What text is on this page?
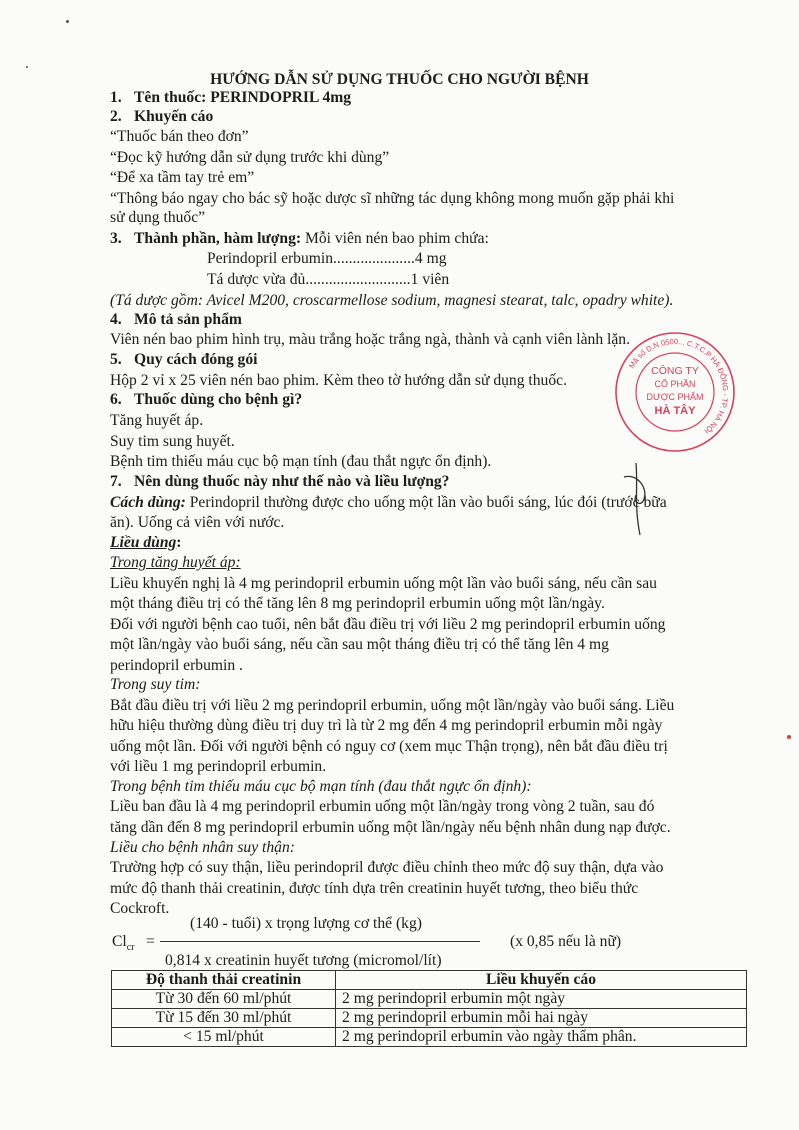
HƯỚNG DẪN SỬ DỤNG THUỐC CHO NGƯỜI BỆNH
1. Tên thuốc: PERINDOPRIL 4mg
2. Khuyến cáo
“Thuốc bán theo đơn”
“Đọc kỹ hướng dẫn sử dụng trước khi dùng”
“Để xa tầm tay trẻ em”
“Thông báo ngay cho bác sỹ hoặc dược sĩ những tác dụng không mong muốn gặp phải khi
sử dụng thuốc”
3. Thành phần, hàm lượng: Mỗi viên nén bao phim chứa:
Perindopril erbumin.....................4 mg
Tá dược vừa đủ...........................1 viên
(Tá dược gồm: Avicel M200, croscarmellose sodium, magnesi stearat, talc, opadry white).
4. Mô tả sản phẩm
Viên nén bao phim hình trụ, màu trắng hoặc trắng ngà, thành và cạnh viên lành lặn.
5. Quy cách đóng gói
Hộp 2 vỉ x 25 viên nén bao phim. Kèm theo tờ hướng dẫn sử dụng thuốc.
6. Thuốc dùng cho bệnh gì?
Tăng huyết áp.
Suy tim sung huyết.
Bệnh tim thiếu máu cục bộ mạn tính (đau thắt ngực ổn định).
7. Nên dùng thuốc này như thế nào và liều lượng?
Cách dùng: Perindopril thường được cho uống một lần vào buổi sáng, lúc đói (trước bữa
ăn). Uống cả viên với nước.
Liều dùng:
Trong tăng huyết áp:
Liều khuyến nghị là 4 mg perindopril erbumin uống một lần vào buổi sáng, nếu cần sau
một tháng điều trị có thể tăng lên 8 mg perindopril erbumin uống một lần/ngày.
Đối với người bệnh cao tuổi, nên bắt đầu điều trị với liều 2 mg perindopril erbumin uống
một lần/ngày vào buổi sáng, nếu cần sau một tháng điều trị có thể tăng lên 4 mg
perindopril erbumin .
Trong suy tim:
Bắt đầu điều trị với liều 2 mg perindopril erbumin, uống một lần/ngày vào buổi sáng. Liều
hữu hiệu thường dùng điều trị duy trì là từ 2 mg đến 4 mg perindopril erbumin mỗi ngày
uống một lần. Đối với người bệnh có nguy cơ (xem mục Thận trọng), nên bắt đầu điều trị
với liều 1 mg perindopril erbumin.
Trong bệnh tim thiếu máu cục bộ mạn tính (đau thắt ngực ổn định):
Liều ban đầu là 4 mg perindopril erbumin uống một lần/ngày trong vòng 2 tuần, sau đó
tăng dần đến 8 mg perindopril erbumin uống một lần/ngày nếu bệnh nhân dung nạp được.
Liều cho bệnh nhân suy thận:
Trường hợp có suy thận, liều perindopril được điều chỉnh theo mức độ suy thận, dựa vào
mức độ thanh thải creatinin, được tính dựa trên creatinin huyết tương, theo biểu thức
Cockroft.
(140 - tuổi) x trọng lượng cơ thể (kg)
$Cl_{cr}$ =	(x 0,85 nếu là nữ)
0,814 x creatinin huyết tương (micromol/lít)
Độ thanh thải creatinin	Liều khuyến cáo
Từ 30 đến 60 ml/phút	2 mg perindopril erbumin một ngày
Từ 15 đến 30 ml/phút	2 mg perindopril erbumin mỗi hai ngày
< 15 ml/phút	2 mg perindopril erbumin vào ngày thẩm phân.
Mã số D.N 0500... C.T.C.P HÀ ĐÔNG - TP. HÀ NỘI
CÔNG TY
CỔ PHẦN
DƯỢC PHẨM
HÀ TÂY
